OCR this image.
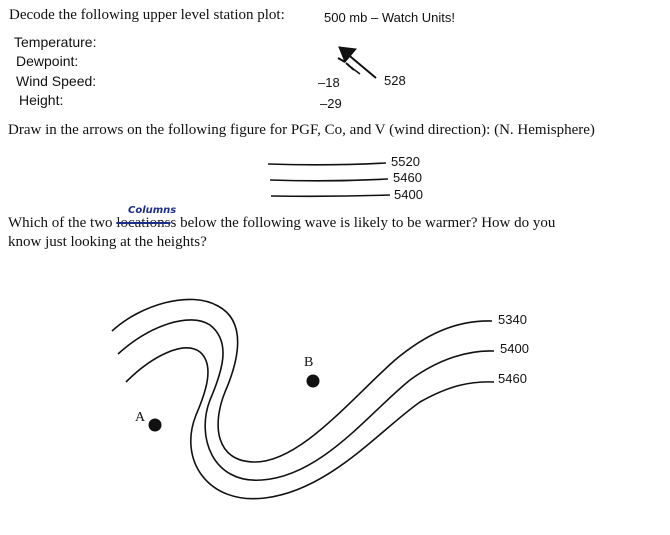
Decode the following upper level station plot:	500 mb – Watch Units!
Temperature:
Dewpoint:
Wind Speed:
Height:
–18	528
–29
Draw in the arrows on the following figure for PGF, Co, and V (wind direction): (N. Hemisphere)
5520
5460
5400
Which of the two locationss below the following wave is likely to be warmer? How do you
Columns
know just looking at the heights?
5340
5400
5460
A
B
